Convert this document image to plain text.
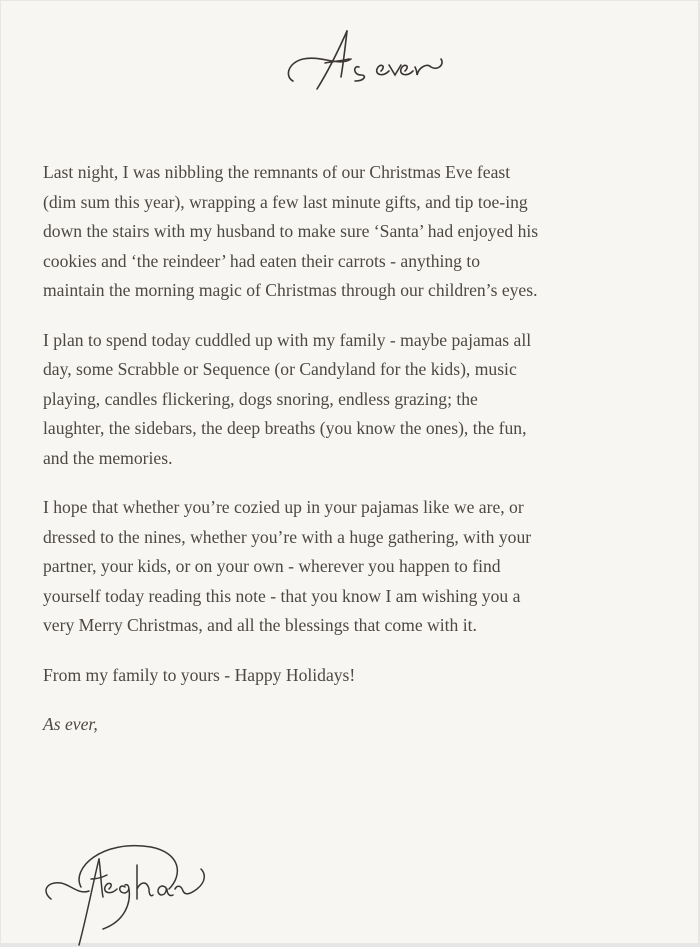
Last night, I was nibbling the remnants of our Christmas Eve feast
(dim sum this year), wrapping a few last minute gifts, and tip toe-ing
down the stairs with my husband to make sure ‘Santa’ had enjoyed his
cookies and ‘the reindeer’ had eaten their carrots - anything to
maintain the morning magic of Christmas through our children’s eyes.

I plan to spend today cuddled up with my family - maybe pajamas all
day, some Scrabble or Sequence (or Candyland for the kids), music
playing, candles flickering, dogs snoring, endless grazing; the
laughter, the sidebars, the deep breaths (you know the ones), the fun,
and the memories.

I hope that whether you’re cozied up in your pajamas like we are, or
dressed to the nines, whether you’re with a huge gathering, with your
partner, your kids, or on your own - wherever you happen to find
yourself today reading this note - that you know I am wishing you a
very Merry Christmas, and all the blessings that come with it.

From my family to yours - Happy Holidays!

As ever,
